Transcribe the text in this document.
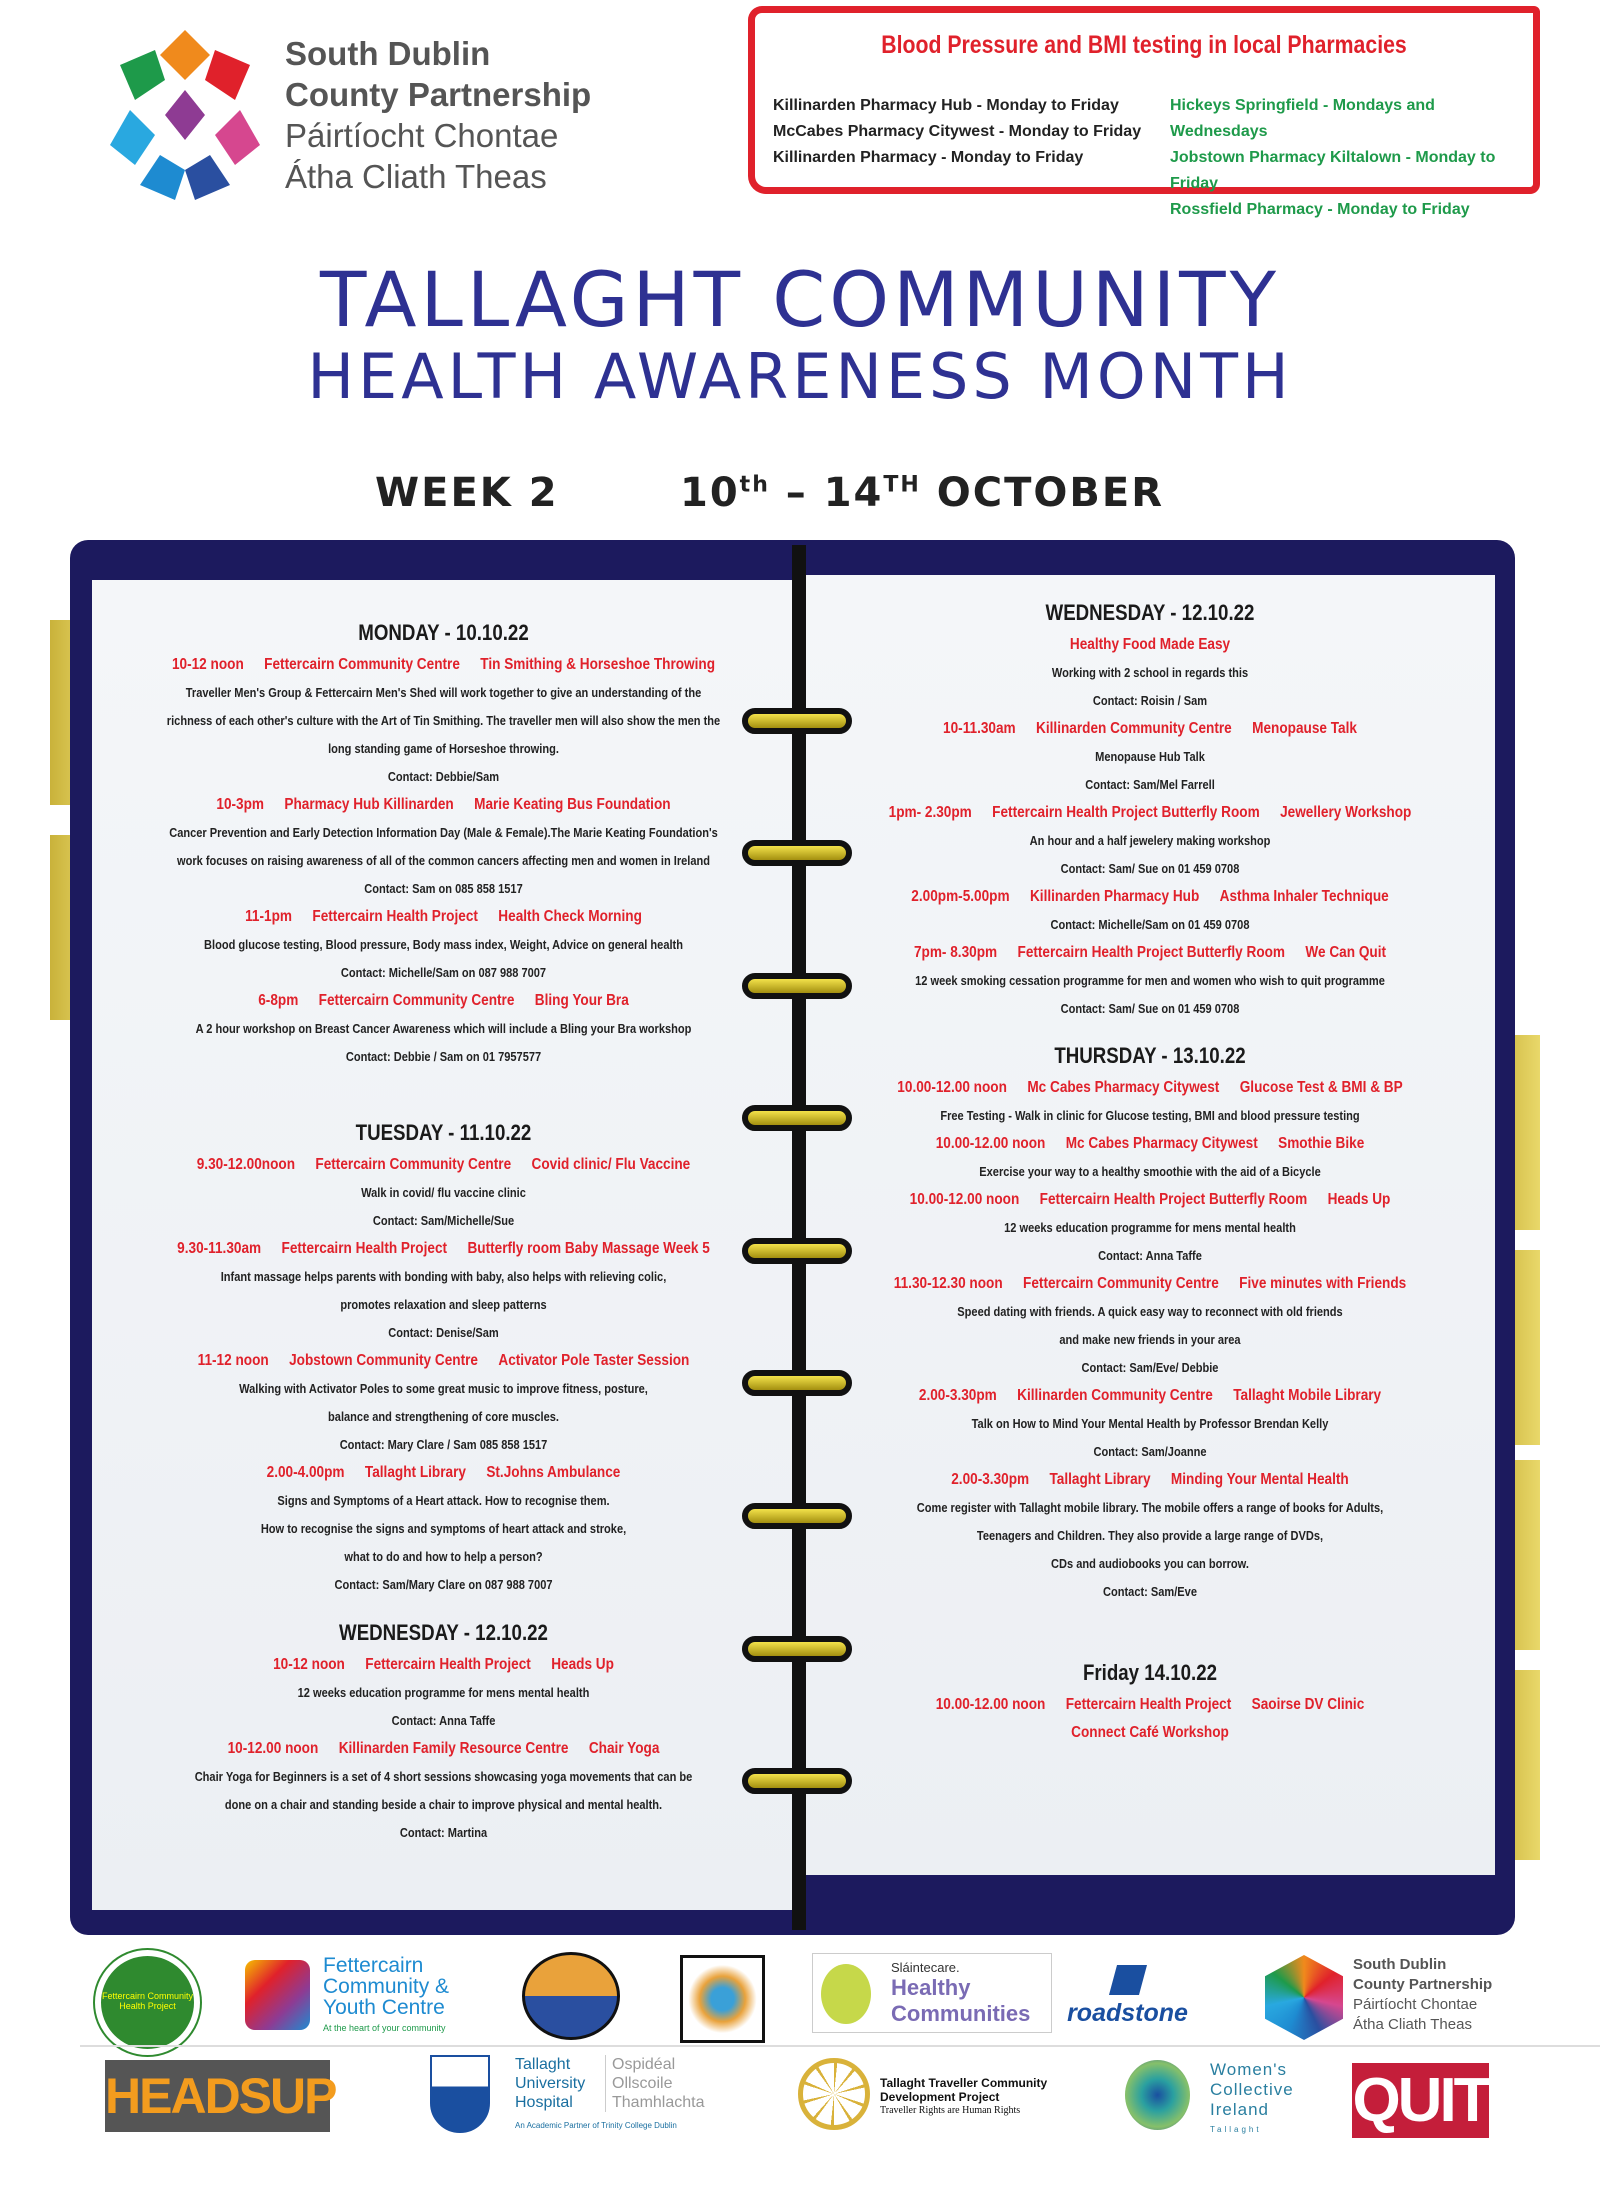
South Dublin
County Partnership
Páirtíocht Chontae
Átha Cliath Theas
Blood Pressure and BMI testing in local Pharmacies
Killinarden Pharmacy Hub - Monday to Friday
McCabes Pharmacy Citywest - Monday to Friday
Killinarden Pharmacy - Monday to Friday
Hickeys Springfield - Mondays and Wednesdays
Jobstown Pharmacy Kiltalown - Monday to Friday
Rossfield Pharmacy - Monday to Friday
TALLAGHT COMMUNITY
HEALTH AWARENESS MONTH
WEEK 2	10th – 14TH OCTOBER
MONDAY - 10.10.22
10-12 noon Fettercairn Community Centre Tin Smithing & Horseshoe Throwing
Traveller Men's Group & Fettercairn Men's Shed will work together to give an understanding of the
richness of each other's culture with the Art of Tin Smithing. The traveller men will also show the men the
long standing game of Horseshoe throwing.
Contact: Debbie/Sam
10-3pm Pharmacy Hub Killinarden Marie Keating Bus Foundation
Cancer Prevention and Early Detection Information Day (Male & Female).The Marie Keating Foundation's
work focuses on raising awareness of all of the common cancers affecting men and women in Ireland
Contact: Sam on 085 858 1517
11-1pm Fettercairn Health Project Health Check Morning
Blood glucose testing, Blood pressure, Body mass index, Weight, Advice on general health
Contact: Michelle/Sam on 087 988 7007
6-8pm Fettercairn Community Centre Bling Your Bra
A 2 hour workshop on Breast Cancer Awareness which will include a Bling your Bra workshop
Contact: Debbie / Sam on 01 7957577
TUESDAY - 11.10.22
9.30-12.00noon Fettercairn Community Centre Covid clinic/ Flu Vaccine
Walk in covid/ flu vaccine clinic
Contact: Sam/Michelle/Sue
9.30-11.30am Fettercairn Health Project Butterfly room Baby Massage Week 5
Infant massage helps parents with bonding with baby, also helps with relieving colic,
promotes relaxation and sleep patterns
Contact: Denise/Sam
11-12 noon Jobstown Community Centre Activator Pole Taster Session
Walking with Activator Poles to some great music to improve fitness, posture,
balance and strengthening of core muscles.
Contact: Mary Clare / Sam 085 858 1517
2.00-4.00pm Tallaght Library St.Johns Ambulance
Signs and Symptoms of a Heart attack. How to recognise them.
How to recognise the signs and symptoms of heart attack and stroke,
what to do and how to help a person?
Contact: Sam/Mary Clare on 087 988 7007
WEDNESDAY - 12.10.22
10-12 noon Fettercairn Health Project Heads Up
12 weeks education programme for mens mental health
Contact: Anna Taffe
10-12.00 noon Killinarden Family Resource Centre Chair Yoga
Chair Yoga for Beginners is a set of 4 short sessions showcasing yoga movements that can be
done on a chair and standing beside a chair to improve physical and mental health.
Contact: Martina
WEDNESDAY - 12.10.22
Healthy Food Made Easy
Working with 2 school in regards this
Contact: Roisin / Sam
10-11.30am Killinarden Community Centre Menopause Talk
Menopause Hub Talk
Contact: Sam/Mel Farrell
1pm- 2.30pm Fettercairn Health Project Butterfly Room Jewellery Workshop
An hour and a half jewelery making workshop
Contact: Sam/ Sue on 01 459 0708
2.00pm-5.00pm Killinarden Pharmacy Hub Asthma Inhaler Technique
Contact: Michelle/Sam on 01 459 0708
7pm- 8.30pm Fettercairn Health Project Butterfly Room We Can Quit
12 week smoking cessation programme for men and women who wish to quit programme
Contact: Sam/ Sue on 01 459 0708
THURSDAY - 13.10.22
10.00-12.00 noon Mc Cabes Pharmacy Citywest Glucose Test & BMI & BP
Free Testing - Walk in clinic for Glucose testing, BMI and blood pressure testing
10.00-12.00 noon Mc Cabes Pharmacy Citywest Smothie Bike
Exercise your way to a healthy smoothie with the aid of a Bicycle
10.00-12.00 noon Fettercairn Health Project Butterfly Room Heads Up
12 weeks education programme for mens mental health
Contact: Anna Taffe
11.30-12.30 noon Fettercairn Community Centre Five minutes with Friends
Speed dating with friends. A quick easy way to reconnect with old friends
and make new friends in your area
Contact: Sam/Eve/ Debbie
2.00-3.30pm Killinarden Community Centre Tallaght Mobile Library
Talk on How to Mind Your Mental Health by Professor Brendan Kelly
Contact: Sam/Joanne
2.00-3.30pm Tallaght Library Minding Your Mental Health
Come register with Tallaght mobile library. The mobile offers a range of books for Adults,
Teenagers and Children. They also provide a large range of DVDs,
CDs and audiobooks you can borrow.
Contact: Sam/Eve
Friday 14.10.22
10.00-12.00 noon Fettercairn Health Project Saoirse DV Clinic
Connect Café Workshop
Fettercairn Community Health Project
Fettercairn
Community &
Youth Centre
At the heart of your community
Sláintecare.
Healthy
Communities	roadstone
South Dublin
County Partnership
Páirtíocht Chontae
Átha Cliath Theas
HEADSUP
Tallaght
University
Hospital
Ospidéal
Ollscoile
Thamhlachta
An Academic Partner of Trinity College Dublin
Tallaght Traveller Community
Development Project
Traveller Rights are Human Rights
Women's
Collective
Ireland
Tallaght	QUIT
